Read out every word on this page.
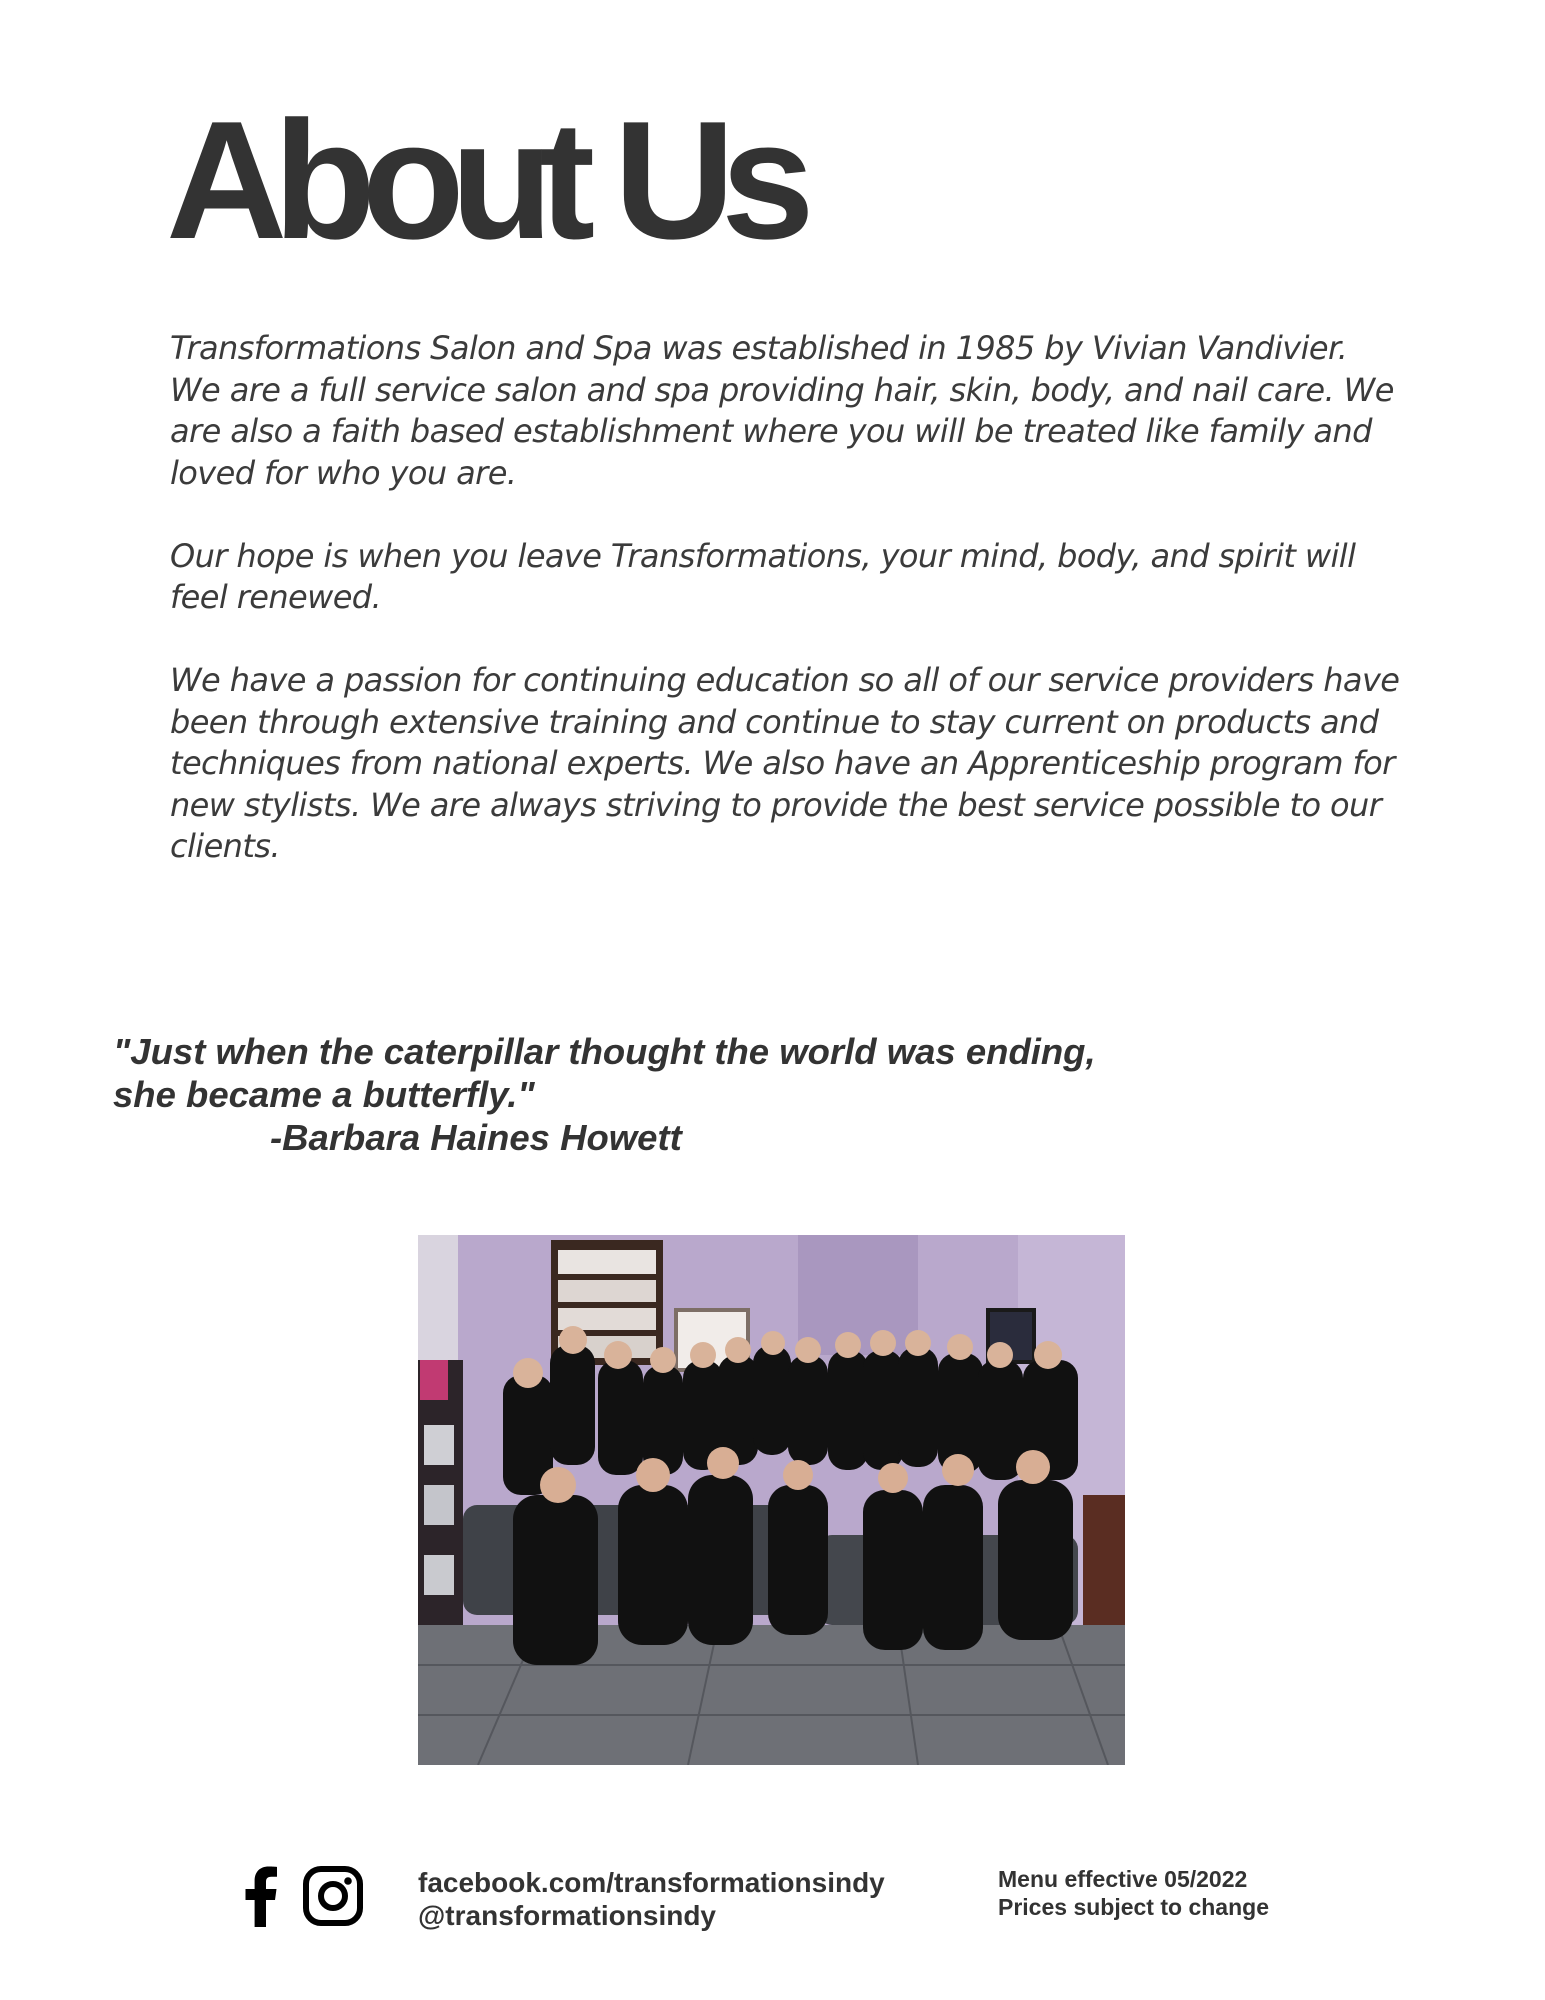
About Us

Transformations Salon and Spa was established in 1985 by Vivian Vandivier. We are a full service salon and spa providing hair, skin, body, and nail care. We are also a faith based establishment where you will be treated like family and loved for who you are.

Our hope is when you leave Transformations, your mind, body, and spirit will feel renewed.

We have a passion for continuing education so all of our service providers have been through extensive training and continue to stay current on products and techniques from national experts. We also have an Apprenticeship program for new stylists. We are always striving to provide the best service possible to our clients.

"Just when the caterpillar thought the world was ending,
she became a butterfly."
-Barbara Haines Howett
facebook.com/transformationsindy
@transformationsindy
Menu effective 05/2022
Prices subject to change
